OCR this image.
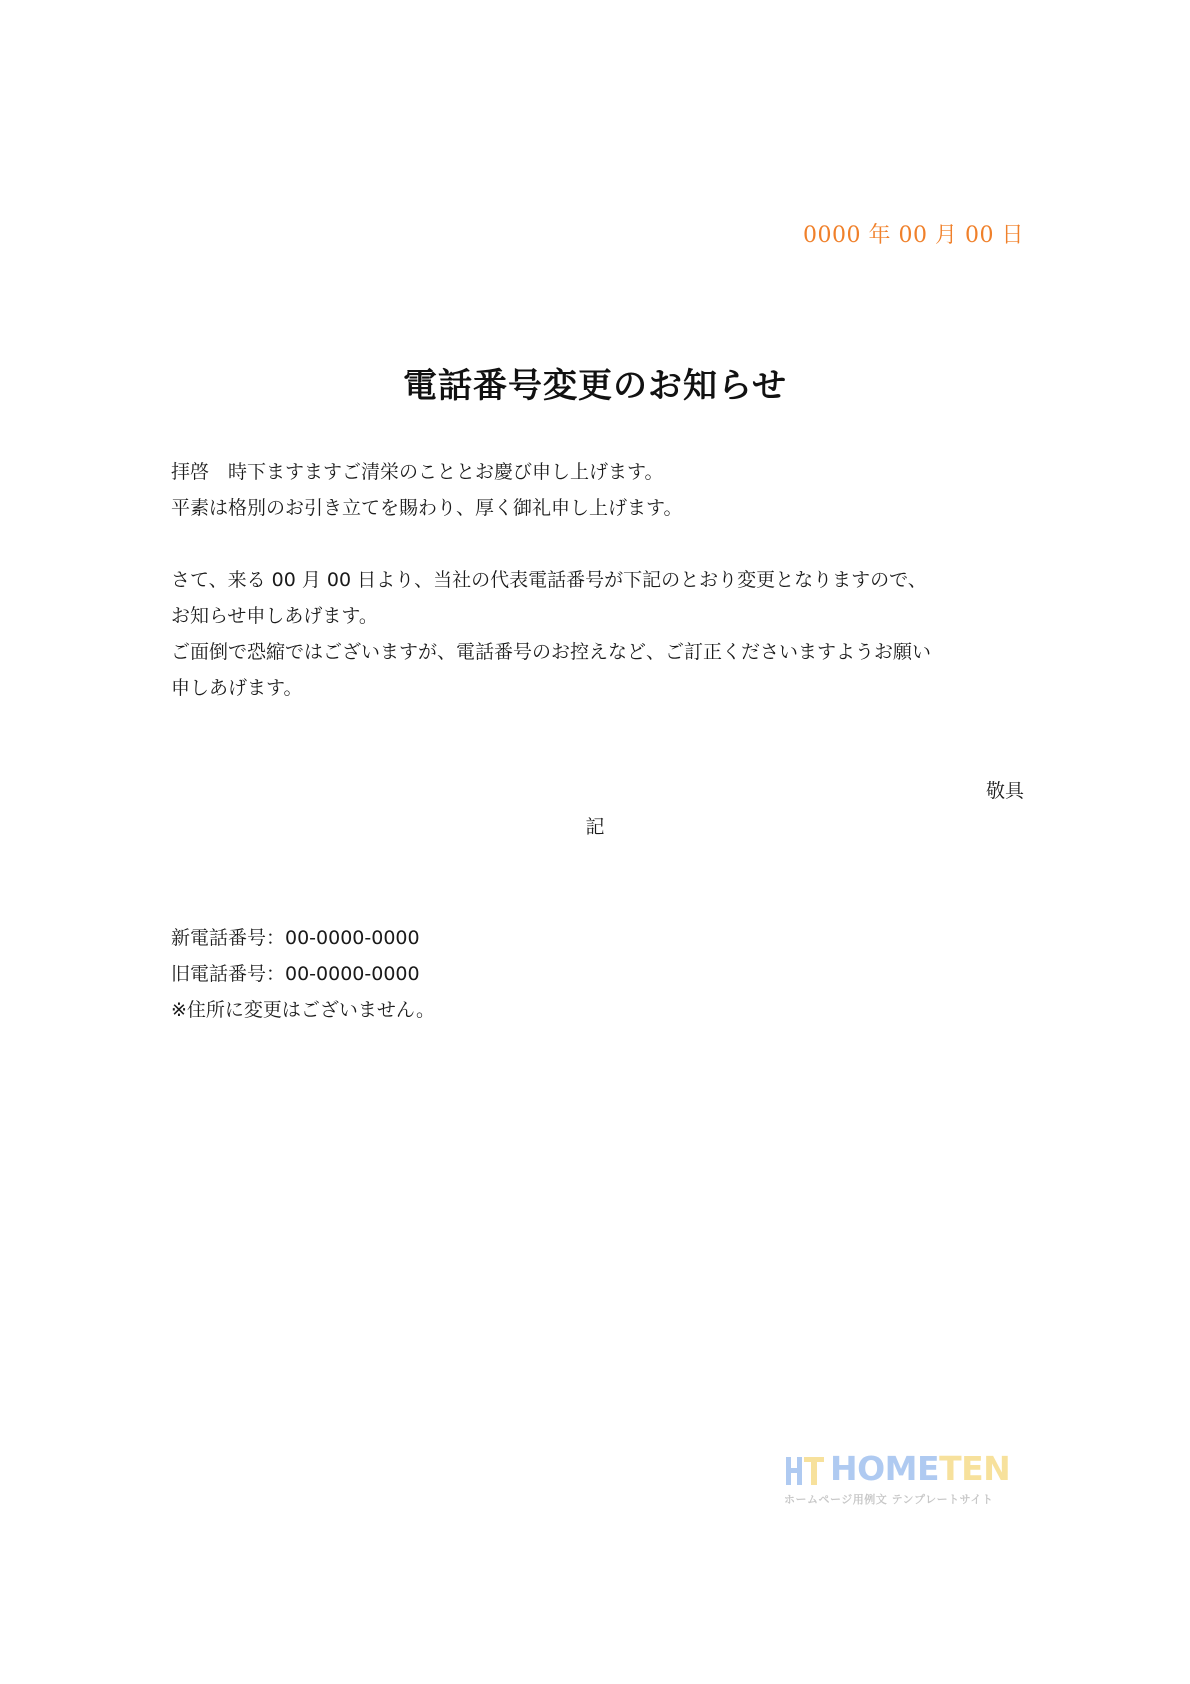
0000 年 00 月 00 日
電話番号変更のお知らせ

拝啓　時下ますますご清栄のこととお慶び申し上げます。

平素は格別のお引き立てを賜わり、厚く御礼申し上げます。

さて、来る 00 月 00 日より、当社の代表電話番号が下記のとおり変更となりますので、

お知らせ申しあげます。

ご面倒で恐縮ではございますが、電話番号のお控えなど、ご訂正くださいますようお願い

申しあげます。

敬具
記

新電話番号：00-0000-0000

旧電話番号：00-0000-0000

※住所に変更はございません。

HOMETEN
ホームページ用例文 テンプレートサイト
